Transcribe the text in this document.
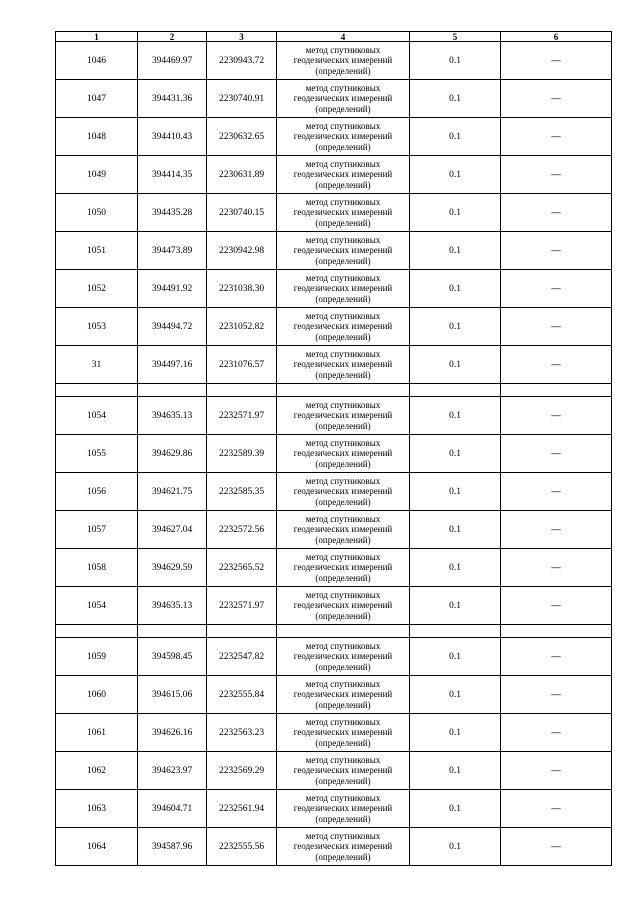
1	2	3	4	5	6
1046	394469.97	2230943.72	метод спутниковых
геодезических измерений
(определений)	0.1	—
1047	394431.36	2230740.91	метод спутниковых
геодезических измерений
(определений)	0.1	—
1048	394410.43	2230632.65	метод спутниковых
геодезических измерений
(определений)	0.1	—
1049	394414.35	2230631.89	метод спутниковых
геодезических измерений
(определений)	0.1	—
1050	394435.28	2230740.15	метод спутниковых
геодезических измерений
(определений)	0.1	—
1051	394473.89	2230942.98	метод спутниковых
геодезических измерений
(определений)	0.1	—
1052	394491.92	2231038.30	метод спутниковых
геодезических измерений
(определений)	0.1	—
1053	394494.72	2231052.82	метод спутниковых
геодезических измерений
(определений)	0.1	—
31	394497.16	2231076.57	метод спутниковых
геодезических измерений
(определений)	0.1	—

1054	394635.13	2232571.97	метод спутниковых
геодезических измерений
(определений)	0.1	—
1055	394629.86	2232589.39	метод спутниковых
геодезических измерений
(определений)	0.1	—
1056	394621.75	2232585.35	метод спутниковых
геодезических измерений
(определений)	0.1	—
1057	394627.04	2232572.56	метод спутниковых
геодезических измерений
(определений)	0.1	—
1058	394629.59	2232565.52	метод спутниковых
геодезических измерений
(определений)	0.1	—
1054	394635.13	2232571.97	метод спутниковых
геодезических измерений
(определений)	0.1	—

1059	394598.45	2232547.82	метод спутниковых
геодезических измерений
(определений)	0.1	—
1060	394615.06	2232555.84	метод спутниковых
геодезических измерений
(определений)	0.1	—
1061	394626.16	2232563.23	метод спутниковых
геодезических измерений
(определений)	0.1	—
1062	394623.97	2232569.29	метод спутниковых
геодезических измерений
(определений)	0.1	—
1063	394604.71	2232561.94	метод спутниковых
геодезических измерений
(определений)	0.1	—
1064	394587.96	2232555.56	метод спутниковых
геодезических измерений
(определений)	0.1	—
